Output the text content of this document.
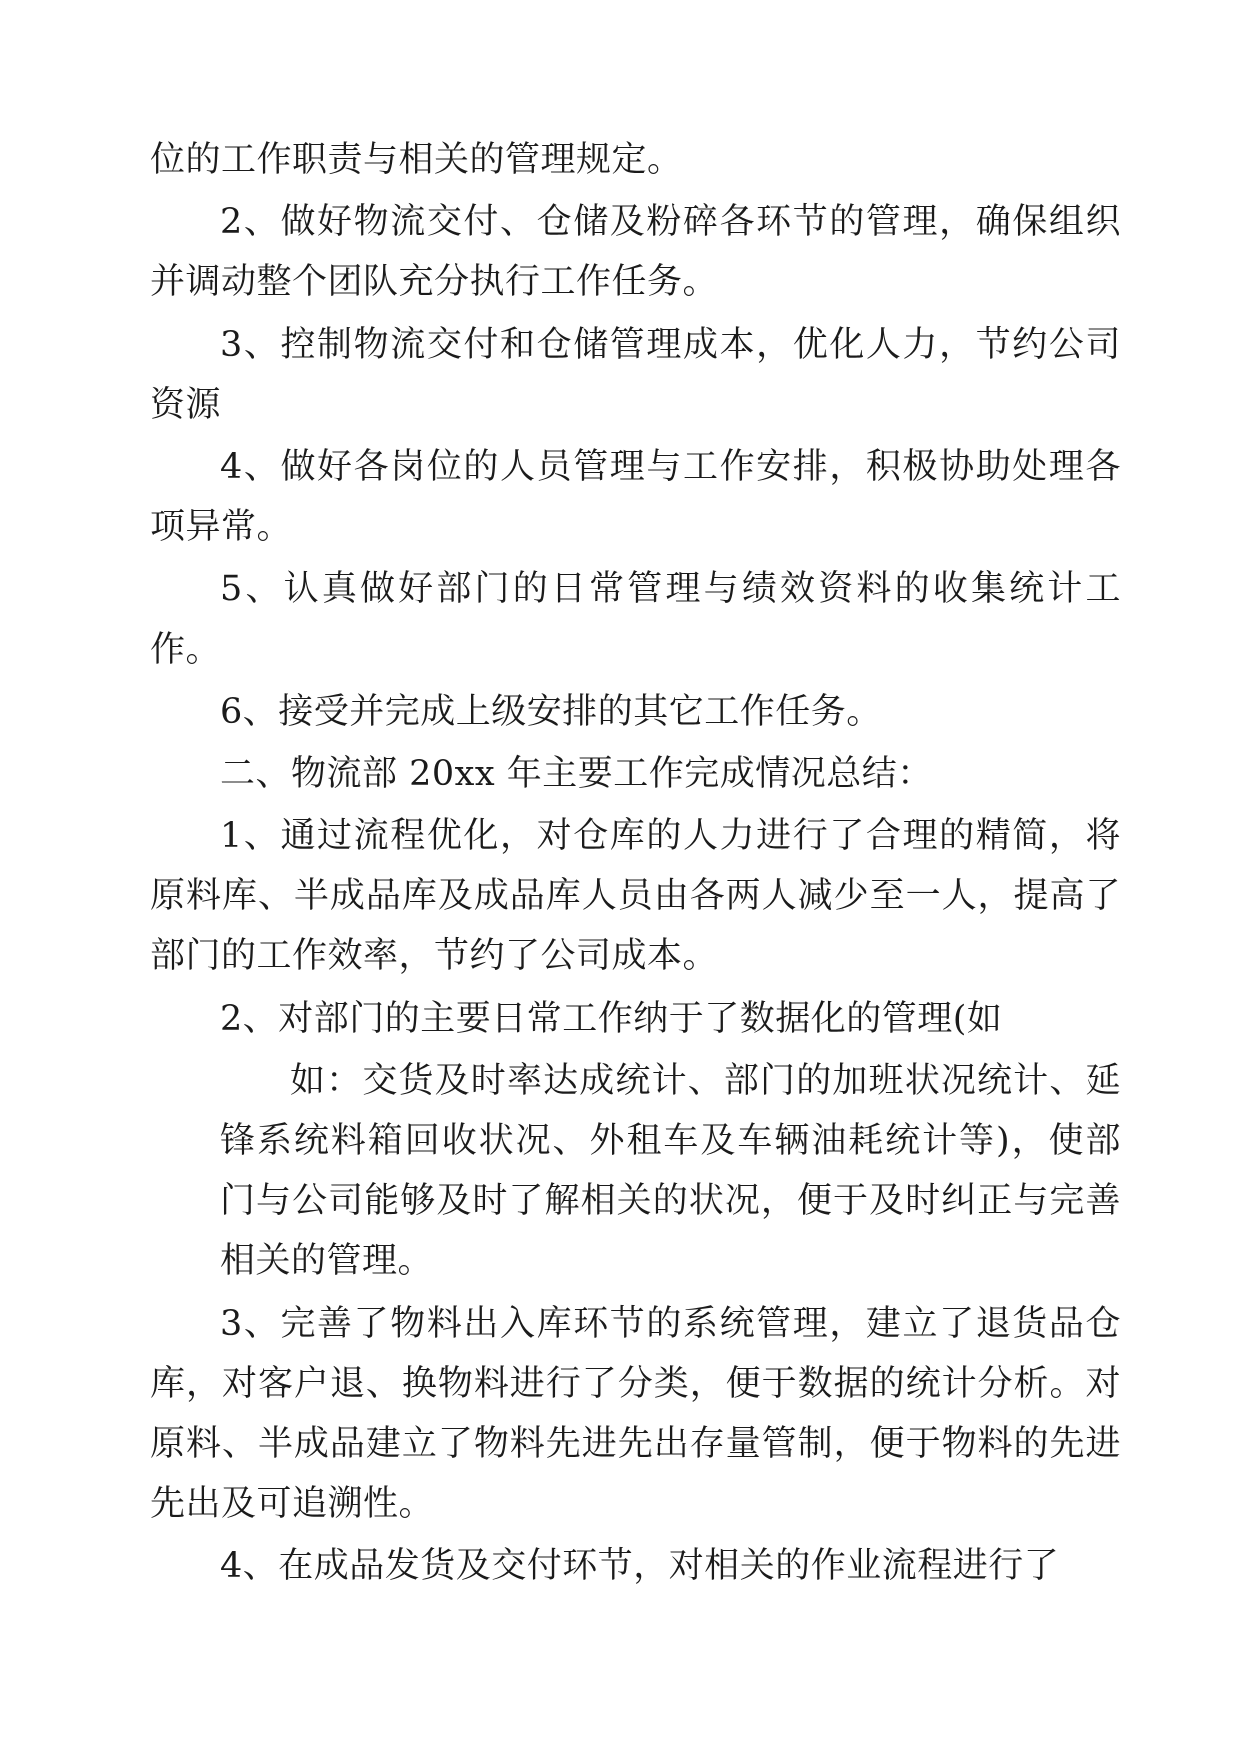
位的工作职责与相关的管理规定。

2、做好物流交付、仓储及粉碎各环节的管理，确保组织并调动整个团队充分执行工作任务。

3、控制物流交付和仓储管理成本，优化人力，节约公司资源

4、做好各岗位的人员管理与工作安排，积极协助处理各项异常。

5、认真做好部门的日常管理与绩效资料的收集统计工作。

6、接受并完成上级安排的其它工作任务。

二、物流部 20xx 年主要工作完成情况总结：

1、通过流程优化，对仓库的人力进行了合理的精简，将原料库、半成品库及成品库人员由各两人减少至一人，提高了部门的工作效率，节约了公司成本。

2、对部门的主要日常工作纳于了数据化的管理(如

如：交货及时率达成统计、部门的加班状况统计、延锋系统料箱回收状况、外租车及车辆油耗统计等)，使部门与公司能够及时了解相关的状况，便于及时纠正与完善相关的管理。

3、完善了物料出入库环节的系统管理，建立了退货品仓库，对客户退、换物料进行了分类，便于数据的统计分析。对原料、半成品建立了物料先进先出存量管制，便于物料的先进先出及可追溯性。

4、在成品发货及交付环节，对相关的作业流程进行了
